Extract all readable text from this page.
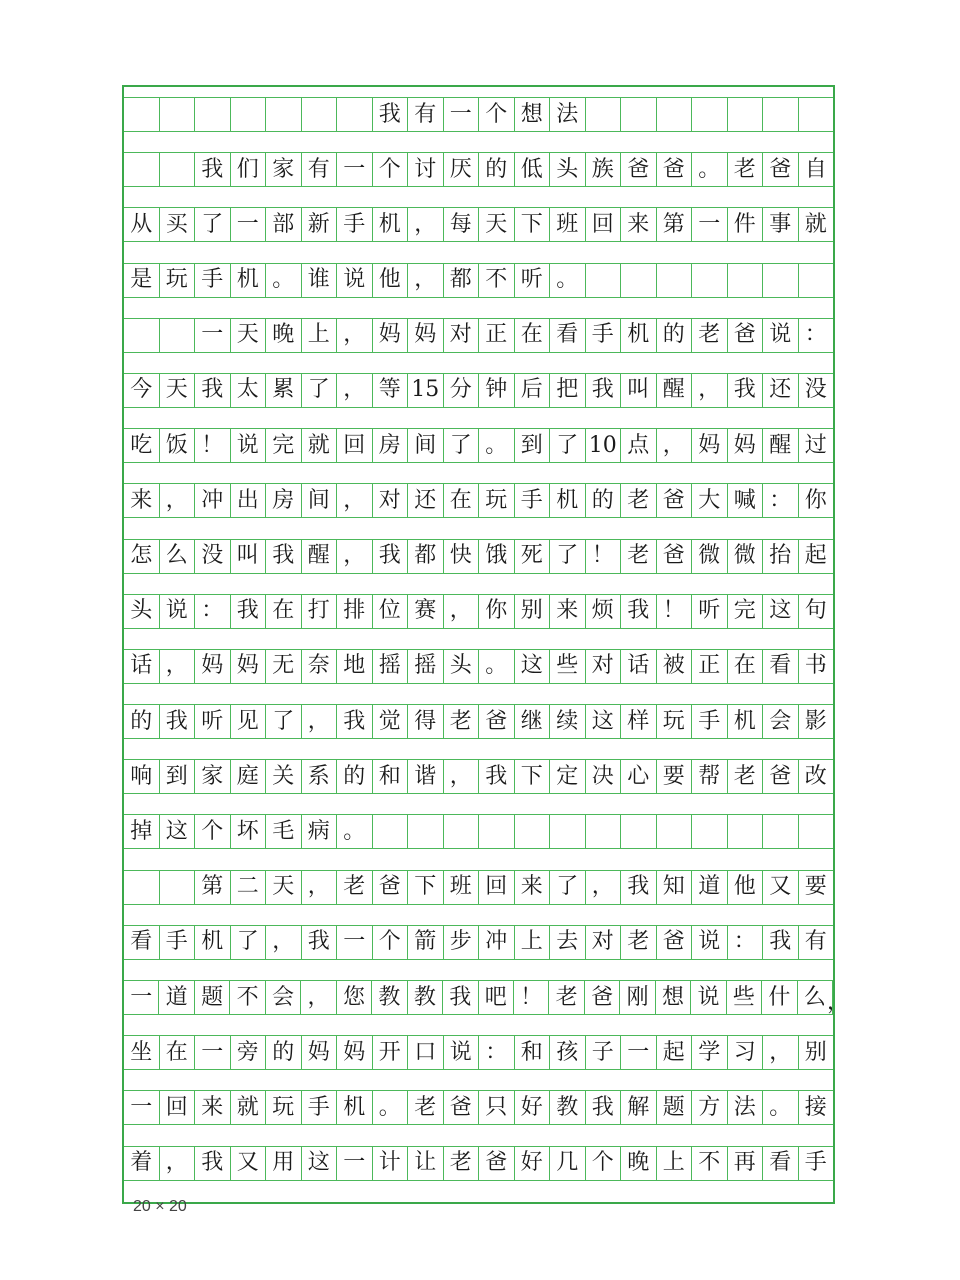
我 有 一 个 想 法
我 们 家 有 一 个 讨 厌 的 低 头 族 爸 爸 。 老 爸 自
从 买 了 一 部 新 手 机 ， 每 天 下 班 回 来 第 一 件 事 就
是 玩 手 机 。 谁 说 他 ， 都 不 听 。
一 天 晚 上 ， 妈 妈 对 正 在 看 手 机 的 老 爸 说 ：
今 天 我 太 累 了 ， 等 15 分 钟 后 把 我 叫 醒 ， 我 还 没
吃 饭 ！ 说 完 就 回 房 间 了 。 到 了 10 点 ， 妈 妈 醒 过
来 ， 冲 出 房 间 ， 对 还 在 玩 手 机 的 老 爸 大 喊 ： 你
怎 么 没 叫 我 醒 ， 我 都 快 饿 死 了 ！ 老 爸 微 微 抬 起
头 说 ： 我 在 打 排 位 赛 ， 你 别 来 烦 我 ！ 听 完 这 句
话 ， 妈 妈 无 奈 地 摇 摇 头 。 这 些 对 话 被 正 在 看 书
的 我 听 见 了 ， 我 觉 得 老 爸 继 续 这 样 玩 手 机 会 影
响 到 家 庭 关 系 的 和 谐 ， 我 下 定 决 心 要 帮 老 爸 改
掉 这 个 坏 毛 病 。
第 二 天 ， 老 爸 下 班 回 来 了 ， 我 知 道 他 又 要
看 手 机 了 ， 我 一 个 箭 步 冲 上 去 对 老 爸 说 ： 我 有
一 道 题 不 会 ， 您 教 教 我 吧 ！ 老 爸 刚 想 说 些 什 么 ，
坐 在 一 旁 的 妈 妈 开 口 说 ： 和 孩 子 一 起 学 习 ， 别
一 回 来 就 玩 手 机 。 老 爸 只 好 教 我 解 题 方 法 。 接
着 ， 我 又 用 这 一 计 让 老 爸 好 几 个 晚 上 不 再 看 手
20 × 20
